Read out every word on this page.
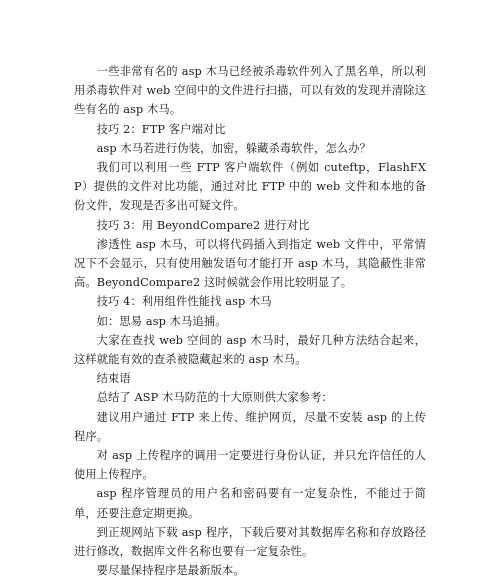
一些非常有名的 asp 木马已经被杀毒软件列入了黑名单，所以利用杀毒软件对 web 空间中的文件进行扫描，可以有效的发现并清除这些有名的 asp 木马。

技巧 2：FTP 客户端对比

asp 木马若进行伪装，加密，躲藏杀毒软件，怎么办？

我们可以利用一些 FTP 客户端软件（例如 cuteftp，FlashFXP）提供的文件对比功能，通过对比 FTP 中的 web 文件和本地的备份文件，发现是否多出可疑文件。

技巧 3：用 BeyondCompare2 进行对比

渗透性 asp 木马，可以将代码插入到指定 web 文件中，平常情况下不会显示，只有使用触发语句才能打开 asp 木马，其隐蔽性非常高。BeyondCompare2 这时候就会作用比较明显了。

技巧 4：利用组件性能找 asp 木马

如：思易 asp 木马追捕。

大家在查找 web 空间的 asp 木马时，最好几种方法结合起来，这样就能有效的查杀被隐藏起来的 asp 木马。

结束语

总结了 ASP 木马防范的十大原则供大家参考：

建议用户通过 FTP 来上传、维护网页，尽量不安装 asp 的上传程序。

对 asp 上传程序的调用一定要进行身份认证，并只允许信任的人使用上传程序。

asp 程序管理员的用户名和密码要有一定复杂性，不能过于简单，还要注意定期更换。

到正规网站下载 asp 程序，下载后要对其数据库名称和存放路径进行修改，数据库文件名称也要有一定复杂性。

要尽量保持程序是最新版本。
